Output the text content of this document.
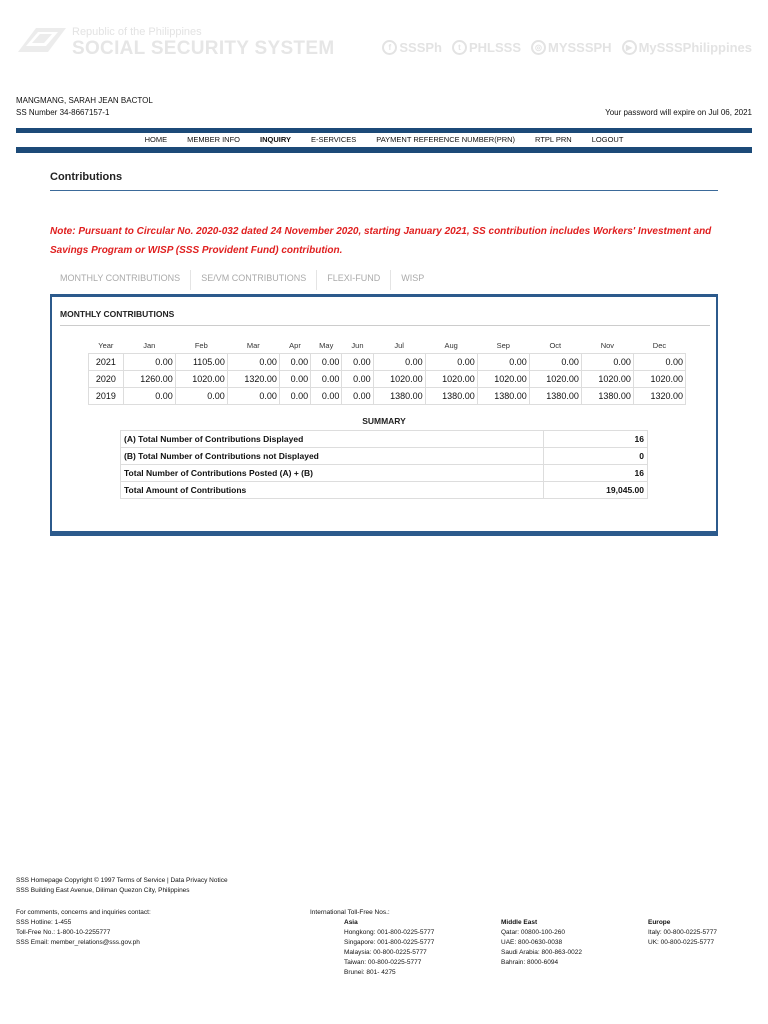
Republic of the Philippines
SOCIAL SECURITY SYSTEM	f SSSPh	t PHLSSS	◎ MYSSSPH	▶ MySSSPhilippines
MANGMANG, SARAH JEAN BACTOL
SS Number 34-8667157-1	Your password will expire on Jul 06, 2021
HOME	MEMBER INFO	INQUIRY	E-SERVICES	PAYMENT REFERENCE NUMBER(PRN)	RTPL PRN	LOGOUT
Contributions
Note: Pursuant to Circular No. 2020-032 dated 24 November 2020, starting January 2021, SS contribution includes Workers' Investment and Savings Program or WISP (SSS Provident Fund) contribution.
MONTHLY CONTRIBUTIONS	SE/VM CONTRIBUTIONS	FLEXI-FUND	WISP
MONTHLY CONTRIBUTIONS
Year	Jan	Feb	Mar	Apr	May	Jun	Jul	Aug	Sep	Oct	Nov	Dec
2021	0.00	1105.00	0.00	0.00	0.00	0.00	0.00	0.00	0.00	0.00	0.00	0.00
2020	1260.00	1020.00	1320.00	0.00	0.00	0.00	1020.00	1020.00	1020.00	1020.00	1020.00	1020.00
2019	0.00	0.00	0.00	0.00	0.00	0.00	1380.00	1380.00	1380.00	1380.00	1380.00	1320.00
SUMMARY
(A) Total Number of Contributions Displayed	16
(B) Total Number of Contributions not Displayed	0
Total Number of Contributions Posted (A) + (B)	16
Total Amount of Contributions	19,045.00
SSS Homepage Copyright © 1997 Terms of Service | Data Privacy Notice
SSS Building East Avenue, Diliman Quezon City, Philippines
For comments, concerns and inquiries contact:
SSS Hotline: 1-455
Toll-Free No.: 1-800-10-2255777
SSS Email: member_relations@sss.gov.ph
International Toll-Free Nos.:
Asia
Hongkong: 001-800-0225-5777
Singapore: 001-800-0225-5777
Malaysia: 00-800-0225-5777
Taiwan: 00-800-0225-5777
Brunei: 801- 4275
Middle East
Qatar: 00800-100-260
UAE: 800-0630-0038
Saudi Arabia: 800-863-0022
Bahrain: 8000-6094
Europe
Italy: 00-800-0225-5777
UK: 00-800-0225-5777
